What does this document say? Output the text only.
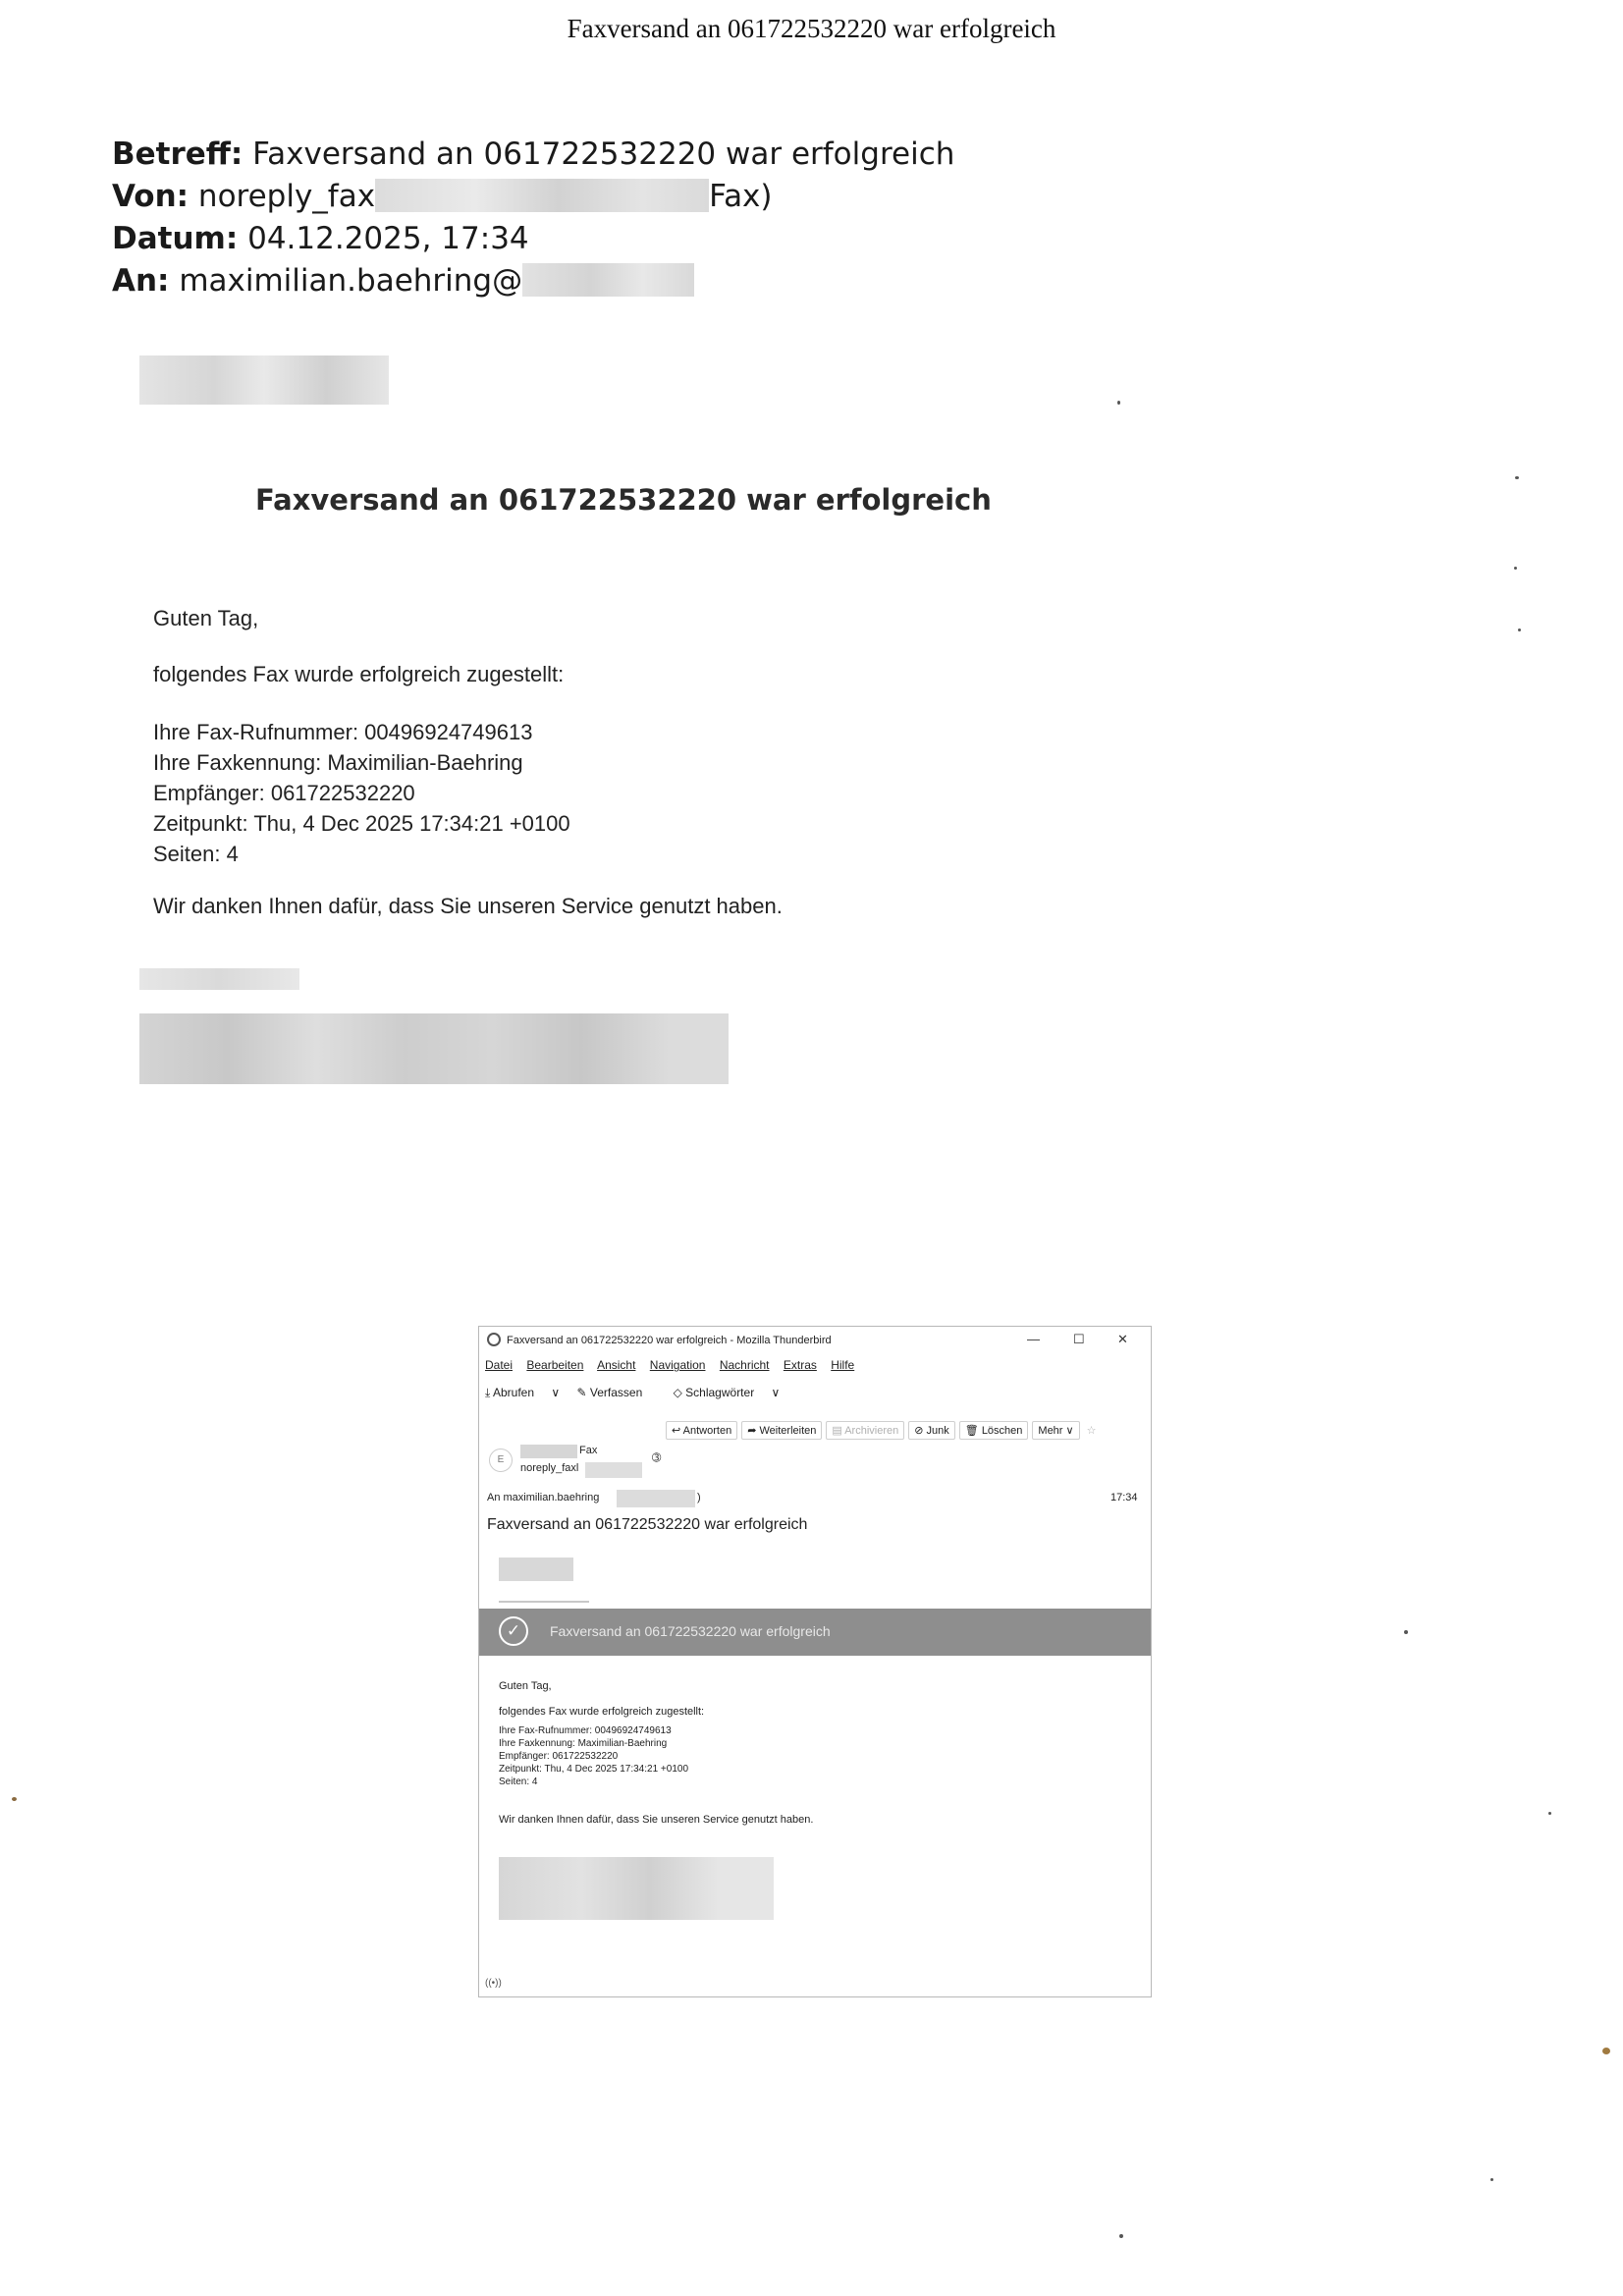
Faxversand an 061722532220 war erfolgreich
Betreff: Faxversand an 061722532220 war erfolgreich
Von: noreply_fax	Fax)
Datum: 04.12.2025, 17:34
An: maximilian.baehring@
Faxversand an 061722532220 war erfolgreich
Guten Tag,
folgendes Fax wurde erfolgreich zugestellt:
Ihre Fax-Rufnummer: 00496924749613
Ihre Faxkennung: Maximilian-Baehring
Empfänger: 061722532220
Zeitpunkt: Thu, 4 Dec 2025 17:34:21 +0100
Seiten: 4
Wir danken Ihnen dafür, dass Sie unseren Service genutzt haben.
Faxversand an 061722532220 war erfolgreich - Mozilla Thunderbird	—	☐	✕
Datei Bearbeiten Ansicht Navigation Nachricht Extras Hilfe
⤓ Abrufen ∨ ✎ Verfassen	◇ Schlagwörter ∨
↩ Antworten ➦ Weiterleiten ▤ Archivieren ⊘ Junk 🗑 Löschen Mehr ∨ ☆
E
Fax
noreply_faxl
➂
An maximilian.baehring	)	17:34
Faxversand an 061722532220 war erfolgreich
✓	Faxversand an 061722532220 war erfolgreich
Guten Tag,
folgendes Fax wurde erfolgreich zugestellt:
Ihre Fax-Rufnummer: 00496924749613
Ihre Faxkennung: Maximilian-Baehring
Empfänger: 061722532220
Zeitpunkt: Thu, 4 Dec 2025 17:34:21 +0100
Seiten: 4
Wir danken Ihnen dafür, dass Sie unseren Service genutzt haben.
((•))
